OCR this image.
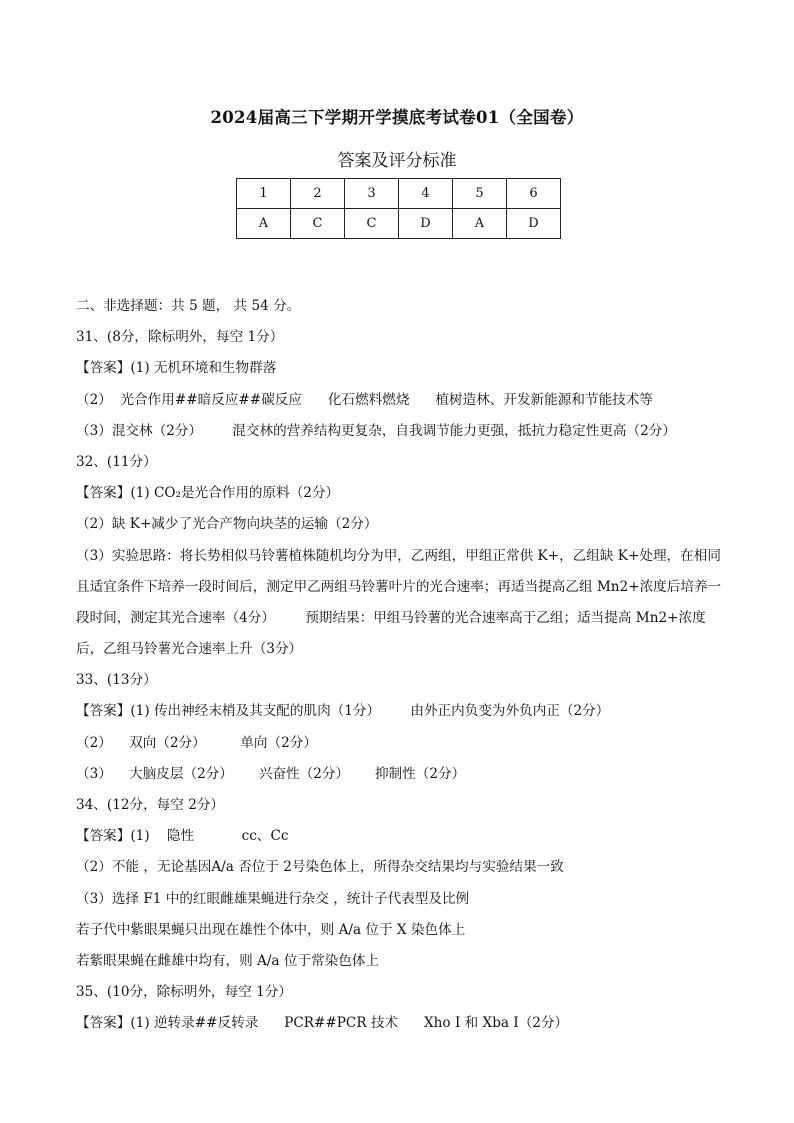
2024届高三下学期开学摸底考试卷01（全国卷）
答案及评分标准
1	2	3	4	5	6
A	C	C	D	A	D
二、非选择题：共 5 题， 共 54 分。
31、(8分，除标明外，每空 1分）
【答案】(1) 无机环境和生物群落
（2）  光合作用##暗反应##碳反应      化石燃料燃烧      植树造林、开发新能源和节能技术等
（3）混交林（2分）       混交林的营养结构更复杂，自我调节能力更强，抵抗力稳定性更高（2分）
32、(11分）
【答案】(1) CO₂是光合作用的原料（2分）
（2）缺 K+减少了光合产物向块茎的运输（2分）
（3）实验思路：将长势相似马铃薯植株随机均分为甲，乙两组，甲组正常供 K+，乙组缺 K+处理，在相同
且适宜条件下培养一段时间后，测定甲乙两组马铃薯叶片的光合速率；再适当提高乙组 Mn2+浓度后培养一
段时间，测定其光合速率（4分）       预期结果：甲组马铃薯的光合速率高于乙组；适当提高 Mn2+浓度
后，乙组马铃薯光合速率上升（3分）
33、(13分）
【答案】(1) 传出神经末梢及其支配的肌肉（1分）       由外正内负变为外负内正（2分）
（2）    双向（2分）        单向（2分）
（3）    大脑皮层（2分）      兴奋性（2分）      抑制性（2分）
34、(12分，每空 2分）
【答案】(1)    隐性           cc、Cc
（2）不能 ，无论基因A/a 否位于 2号染色体上，所得杂交结果均与实验结果一致
（3）选择 F1 中的红眼雌雄果蝇进行杂交 ，统计子代表型及比例
若子代中紫眼果蝇只出现在雄性个体中，则 A/a 位于 X 染色体上
若紫眼果蝇在雌雄中均有，则 A/a 位于常染色体上
35、(10分，除标明外，每空 1分）
【答案】(1) 逆转录##反转录      PCR##PCR 技术      Xho I 和 Xba I（2分）
